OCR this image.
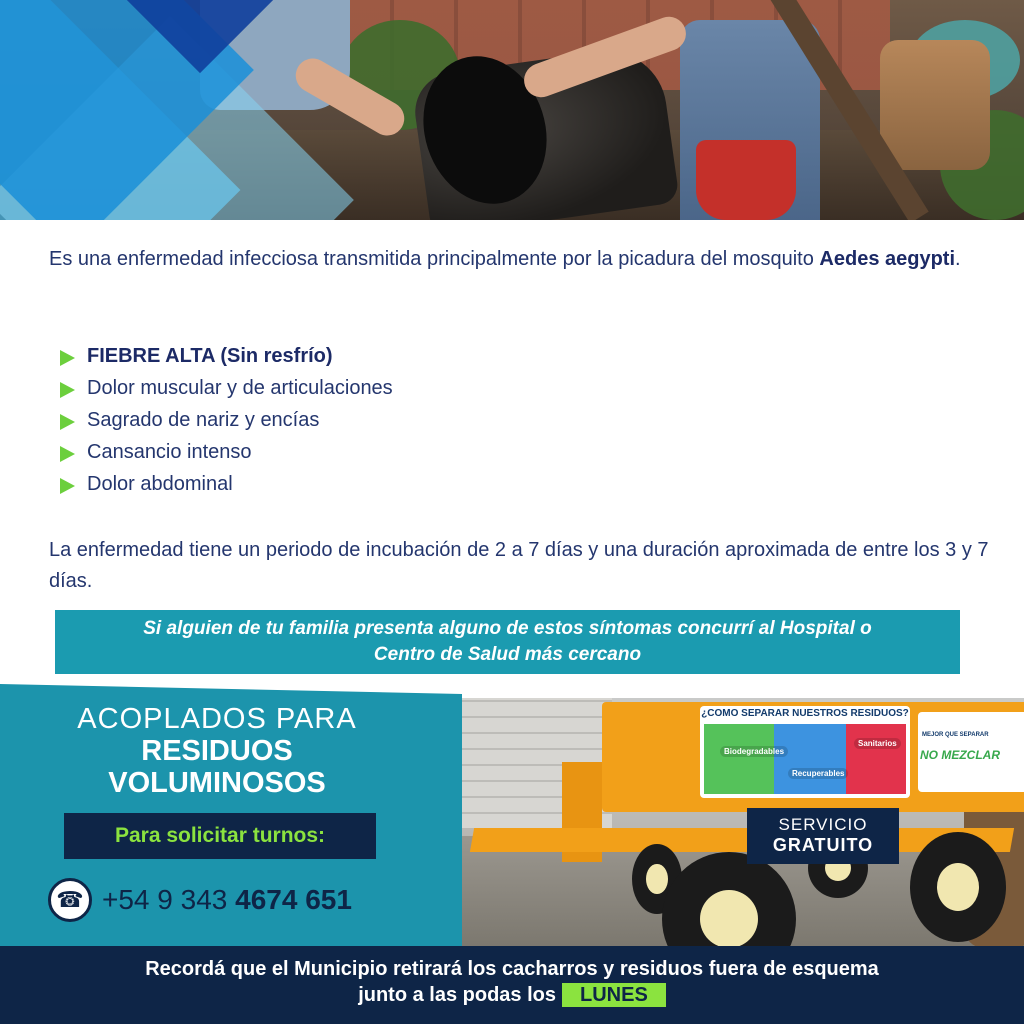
Es una enfermedad infecciosa transmitida principalmente por la picadura del mosquito Aedes aegypti.

FIEBRE ALTA (Sin resfrío)
Dolor muscular y de articulaciones
Sagrado de nariz y encías
Cansancio intenso
Dolor abdominal

La enfermedad tiene un periodo de incubación de 2 a 7 días y una duración aproximada de entre los 3 y 7 días.

Si alguien de tu familia presenta alguno de estos síntomas concurrí al Hospital o Centro de Salud más cercano
ACOPLADOS PARA
RESIDUOS
VOLUMINOSOS
Para solicitar turnos:
☎
+54 9 343 4674 651
¿COMO SEPARAR NUESTROS RESIDUOS?
Biodegradables
Recuperables
Sanitarios
MEJOR QUE SEPARAR
NO MEZCLAR
SERVICIO
GRATUITO
Recordá que el Municipio retirará los cacharros y residuos fuera de esquema
junto a las podas los LUNES
